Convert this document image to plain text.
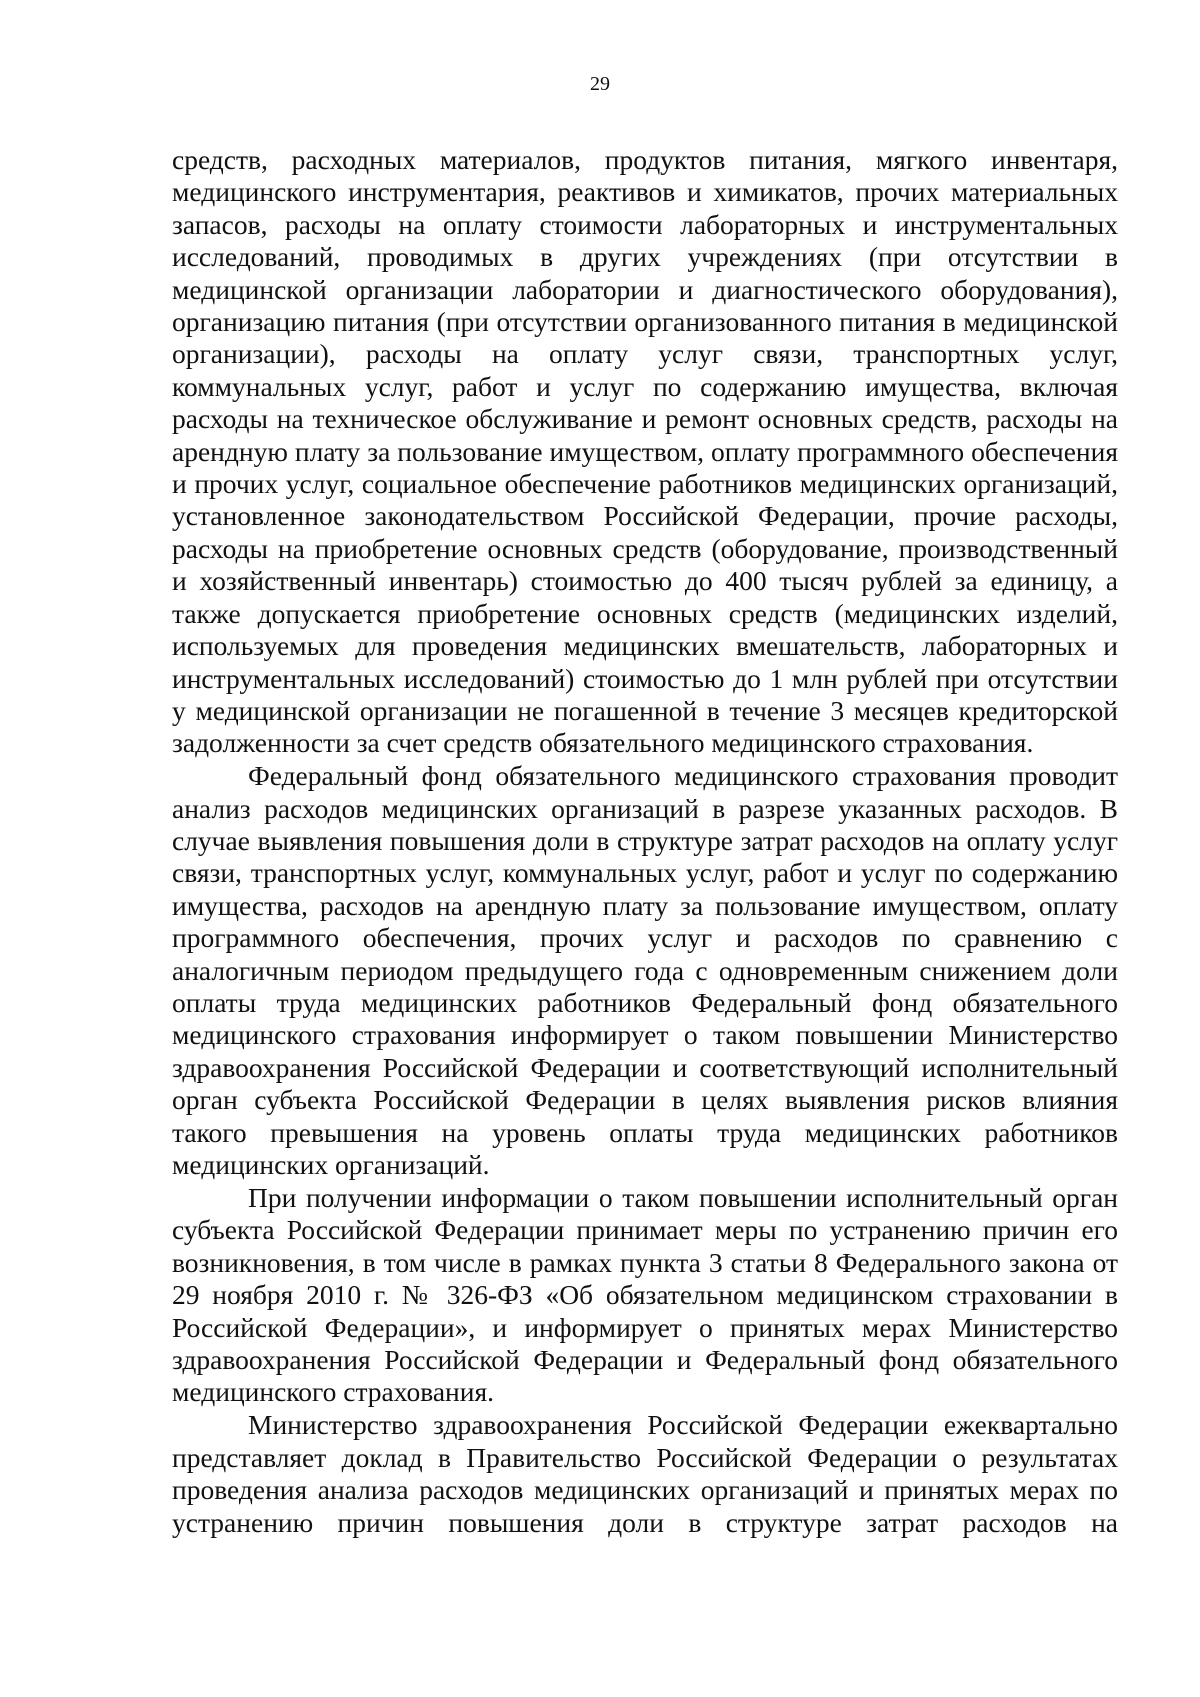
29

средств, расходных материалов, продуктов питания, мягкого инвентаря, медицинского инструментария, реактивов и химикатов, прочих материальных запасов, расходы на оплату стоимости лабораторных и инструментальных исследований, проводимых в других учреждениях (при отсутствии в медицинской организации лаборатории и диагностического оборудования), организацию питания (при отсутствии организованного питания в медицинской организации), расходы на оплату услуг связи, транспортных услуг, коммунальных услуг, работ и услуг по содержанию имущества, включая расходы на техническое обслуживание и ремонт основных средств, расходы на арендную плату за пользование имуществом, оплату программного обеспечения и прочих услуг, социальное обеспечение работников медицинских организаций, установленное законодательством Российской Федерации, прочие расходы, расходы на приобретение основных средств (оборудование, производственный и хозяйственный инвентарь) стоимостью до 400 тысяч рублей за единицу, а также допускается приобретение основных средств (медицинских изделий, используемых для проведения медицинских вмешательств, лабораторных и инструментальных исследований) стоимостью до 1 млн рублей при отсутствии у медицинской организации не погашенной в течение 3 месяцев кредиторской задолженности за счет средств обязательного медицинского страхования.

Федеральный фонд обязательного медицинского страхования проводит анализ расходов медицинских организаций в разрезе указанных расходов. В случае выявления повышения доли в структуре затрат расходов на оплату услуг связи, транспортных услуг, коммунальных услуг, работ и услуг по содержанию имущества, расходов на арендную плату за пользование имуществом, оплату программного обеспечения, прочих услуг и расходов по сравнению с аналогичным периодом предыдущего года с одновременным снижением доли оплаты труда медицинских работников Федеральный фонд обязательного медицинского страхования информирует о таком повышении Министерство здравоохранения Российской Федерации и соответствующий исполнительный орган субъекта Российской Федерации в целях выявления рисков влияния такого превышения на уровень оплаты труда медицинских работников медицинских организаций.

При получении информации о таком повышении исполнительный орган субъекта Российской Федерации принимает меры по устранению причин его возникновения, в том числе в рамках пункта 3 статьи 8 Федерального закона от 29 ноября 2010 г. № 326-ФЗ «Об обязательном медицинском страховании в Российской Федерации», и информирует о принятых мерах Министерство здравоохранения Российской Федерации и Федеральный фонд обязательного медицинского страхования.

Министерство здравоохранения Российской Федерации ежеквартально представляет доклад в Правительство Российской Федерации о результатах проведения анализа расходов медицинских организаций и принятых мерах по устранению причин повышения доли в структуре затрат расходов на
